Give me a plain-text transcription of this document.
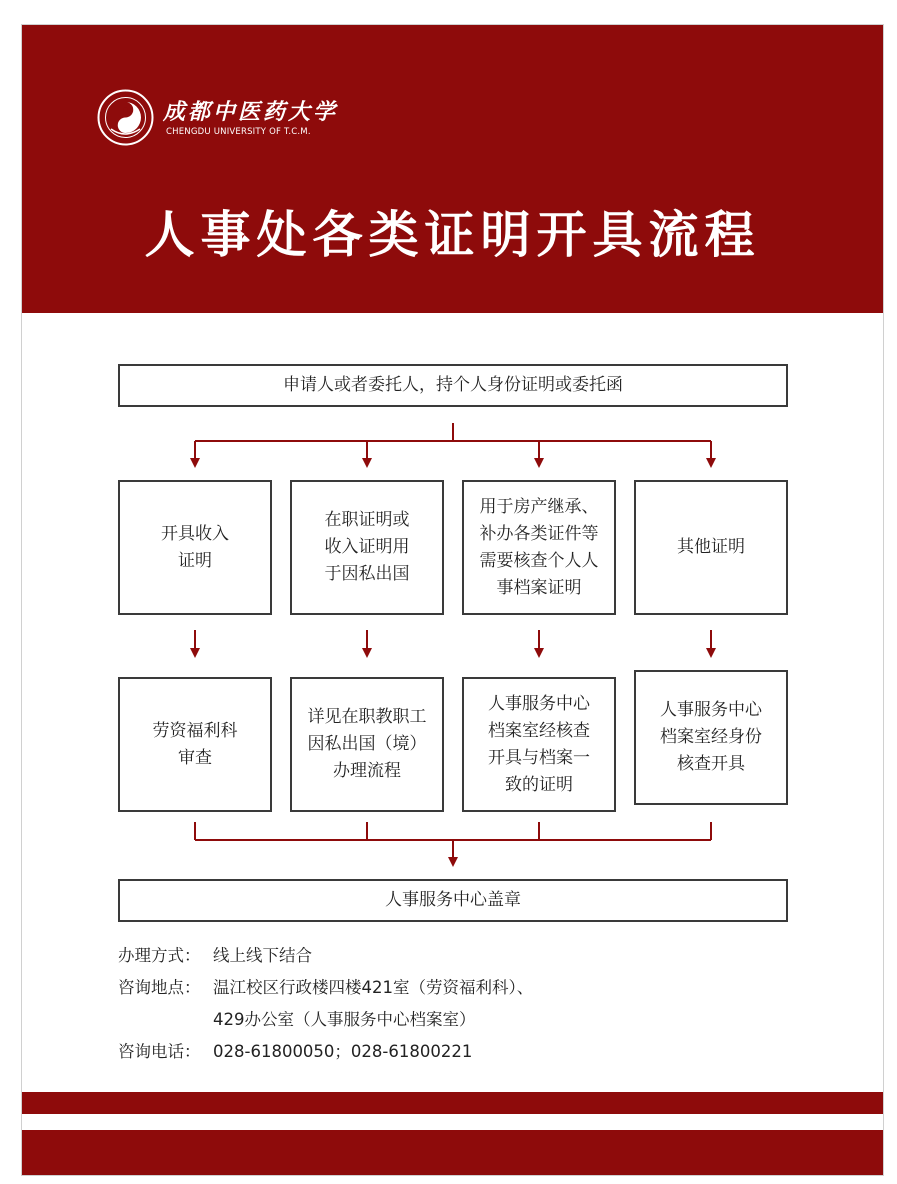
成都中医药大学
CHENGDU UNIVERSITY OF T.C.M.
人事处各类证明开具流程
申请人或者委托人，持个人身份证明或委托函
开具收入
证明
在职证明或
收入证明用
于因私出国
用于房产继承、
补办各类证件等
需要核查个人人
事档案证明
其他证明
劳资福利科
审查
详见在职教职工
因私出国（境）
办理流程
人事服务中心
档案室经核查
开具与档案一
致的证明
人事服务中心
档案室经身份
核查开具
人事服务中心盖章
办理方式： 线上线下结合
咨询地点： 温江校区行政楼四楼421室（劳资福利科）、
429办公室（人事服务中心档案室）
咨询电话： 028-61800050；028-61800221
